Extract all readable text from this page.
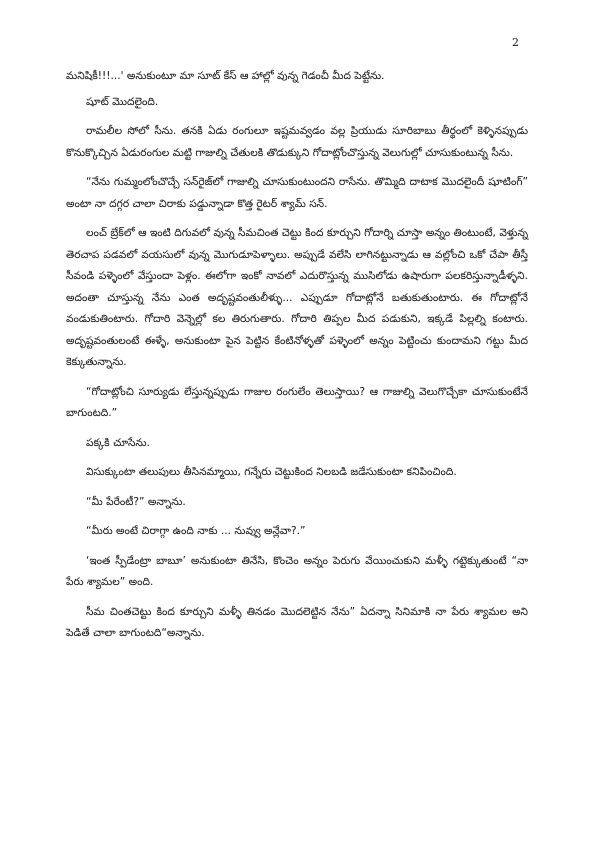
2

మనిషికీ!!!...' అనుకుంటూ మా సూట్ కేస్ ఆ హాల్లో వున్న గెడంచీ మీద పెట్టేను.

షూట్ మొదలైంది.

రామలీల సోలో సీను. తనకి ఏడు రంగులూ ఇష్టమవ్వడం వల్ల ప్రియుడు సూరిబాబు తీర్థంలో కెళ్ళినప్పుడు కొనుక్కొచ్చిన ఏడురంగుల మట్టి గాజుల్ని చేతులకి తొడుక్కుని గోదాట్లోంచొస్తున్న వెలుగుల్లో చూసుకుంటున్న సీను.

“నేను గుమ్మంలోంచొచ్చే సన్‌రైజ్‌లో గాజుల్ని చూసుకుంటుందని రాసేను. తొమ్మిది దాటాక మొదలైందీ షూటింగ్” అంటా నా దగ్గర చాలా చిరాకు పడ్డున్నాడా కొత్త రైటర్ శ్యామ్ సన్.

లంచ్ బ్రేక్‌లో ఆ ఇంటి దిగువలో వున్న సీమచింత చెట్టు కింద కూర్చుని గోదార్ని చూస్తా అన్నం తింటుంటే, వెళ్తున్న తెరచాప పడవలో వయసులో వున్న మొగుడూపెళ్ళాలు. అప్పుడే వలేసి లాగినట్టున్నాడు ఆ వల్లోంచి ఒకో చేపా తీస్తీ సీవండి పళ్ళెంలో వేస్తుందా పెళ్లం. ఈలోగా ఇంకో నావలో ఎదురొస్తున్న ముసిలోడు ఉషారుగా పలకరిస్తున్నాడీళ్ళని. అదంతా చూస్తున్న నేను ఎంత అదృష్టవంతులీళ్ళు... ఎప్పుడూ గోదాట్లోనే బతుకుతుంటారు. ఈ గోదాట్లోనే వండుకుతింటారు. గోదారి వెన్నెల్లో కల తిరుగుతారు. గోదారి తిప్పల మీద పడుకుని, ఇక్కడే పిల్లల్ని కంటారు. అదృష్టవంతులంటే ఈళ్ళే, అనుకుంటా పైన పెట్టిన కేంటినోళ్ళతో పళ్ళెంలో అన్నం పెట్టించు కుందామని గట్టు మీద కెక్కుతున్నాను.

“గోదాట్లోంచి సూర్యుడు లేస్తున్నప్పుడు గాజుల రంగులేం తెలుస్తాయి? ఆ గాజుల్ని వెలుగొచ్చేకా చూసుకుంటేనే బాగుంటది.”

పక్కకి చూసేను.

విసుక్కుంటా తలుపులు తీసినమ్మాయి, గన్నేరు చెట్టుకింద నిలబడి జడేసుకుంటా కనిపించింది.

“మీ పేరేంటీ?” అన్నాను.

“మీరు అంటే చిరాగ్గా ఉంది నాకు ... నువ్వు అన్లేవా?.”

‘ఇంత స్పీడేంట్రా బాబూ’ అనుకుంటా తినేసి, కొంచెం అన్నం పెరుగు వేయించుకుని మళ్ళీ గట్టెక్కుతుంటే “నా పేరు శ్యామల” అంది.

సీమ చింతచెట్టు కింద కూర్చుని మళ్ళీ తినడం మొదలెట్టిన నేను” ఏదన్నా సినిమాకి నా పేరు శ్యామల అని పెడితే చాలా బాగుంటది“అన్నాను.
